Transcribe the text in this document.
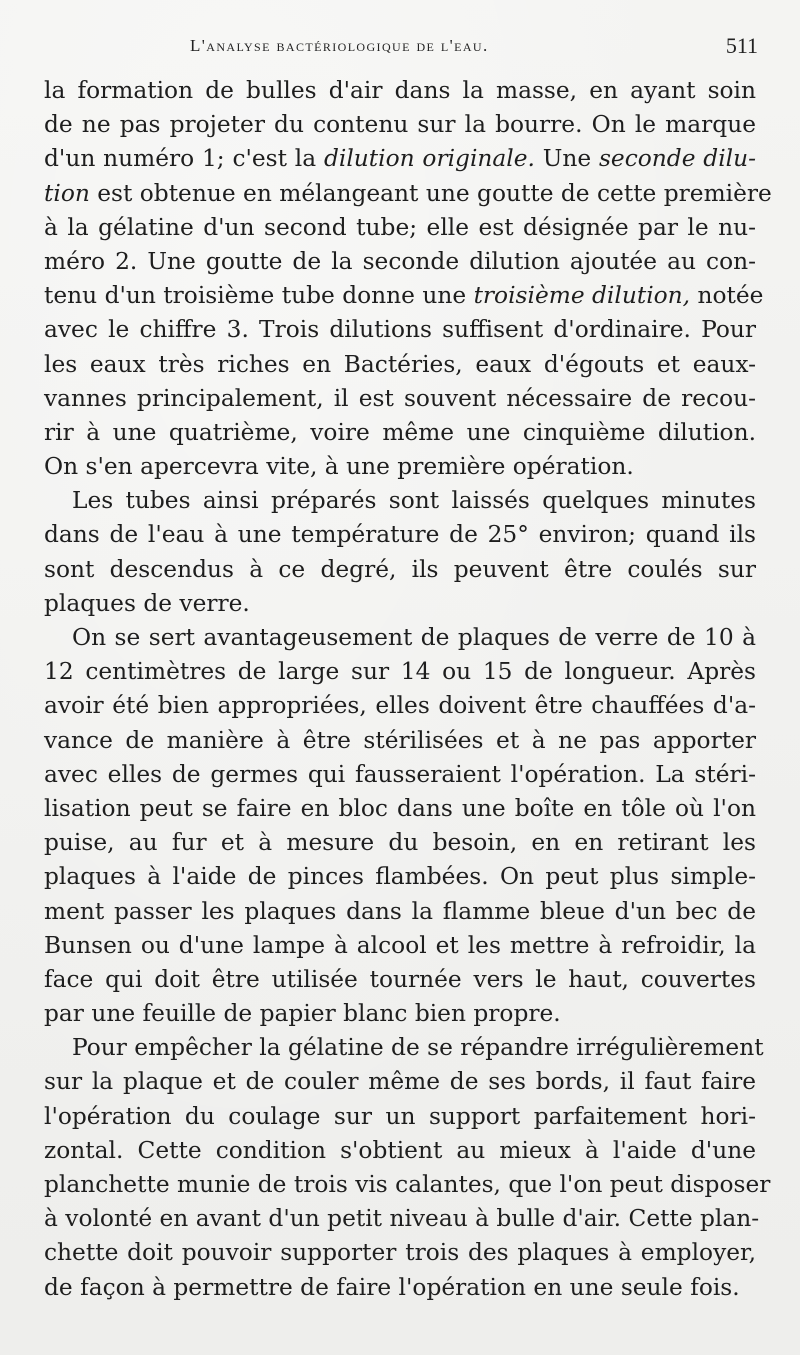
L'analyse bactériologique de l'eau.	511
la formation de bulles d'air dans la masse, en ayant soin
de ne pas projeter du contenu sur la bourre. On le marque
d'un numéro 1; c'est la dilution originale. Une seconde dilu-
tion est obtenue en mélangeant une goutte de cette première
à la gélatine d'un second tube; elle est désignée par le nu-
méro 2. Une goutte de la seconde dilution ajoutée au con-
tenu d'un troisième tube donne une troisième dilution, notée
avec le chiffre 3. Trois dilutions suffisent d'ordinaire. Pour
les eaux très riches en Bactéries, eaux d'égouts et eaux-
vannes principalement, il est souvent nécessaire de recou-
rir à une quatrième, voire même une cinquième dilution.
On s'en apercevra vite, à une première opération.
Les tubes ainsi préparés sont laissés quelques minutes
dans de l'eau à une température de 25° environ; quand ils
sont descendus à ce degré, ils peuvent être coulés sur
plaques de verre.
On se sert avantageusement de plaques de verre de 10 à
12 centimètres de large sur 14 ou 15 de longueur. Après
avoir été bien appropriées, elles doivent être chauffées d'a-
vance de manière à être stérilisées et à ne pas apporter
avec elles de germes qui fausseraient l'opération. La stéri-
lisation peut se faire en bloc dans une boîte en tôle où l'on
puise, au fur et à mesure du besoin, en en retirant les
plaques à l'aide de pinces flambées. On peut plus simple-
ment passer les plaques dans la flamme bleue d'un bec de
Bunsen ou d'une lampe à alcool et les mettre à refroidir, la
face qui doit être utilisée tournée vers le haut, couvertes
par une feuille de papier blanc bien propre.
Pour empêcher la gélatine de se répandre irrégulièrement
sur la plaque et de couler même de ses bords, il faut faire
l'opération du coulage sur un support parfaitement hori-
zontal. Cette condition s'obtient au mieux à l'aide d'une
planchette munie de trois vis calantes, que l'on peut disposer
à volonté en avant d'un petit niveau à bulle d'air. Cette plan-
chette doit pouvoir supporter trois des plaques à employer,
de façon à permettre de faire l'opération en une seule fois.
